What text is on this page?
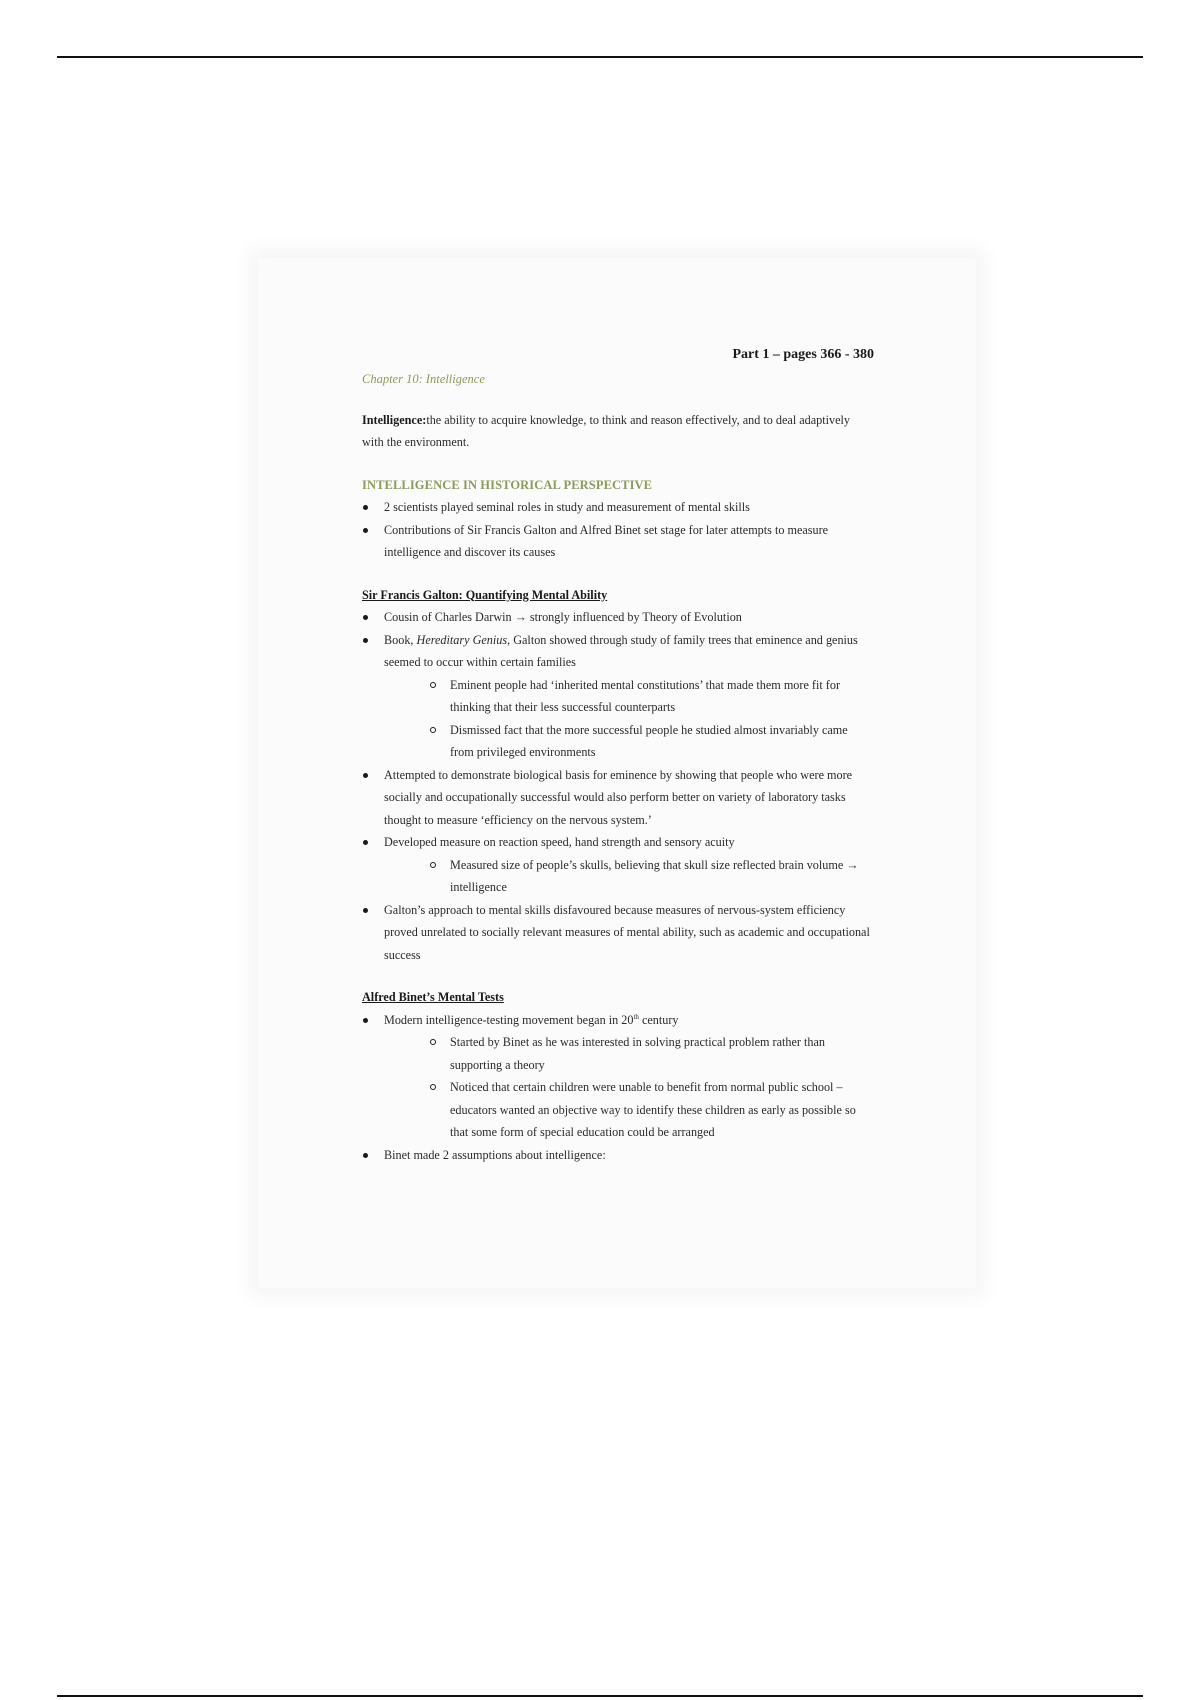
Part 1 – pages 366 - 380

Chapter 10: Intelligence

Intelligence:the ability to acquire knowledge, to think and reason effectively, and to deal adaptively with the environment.

INTELLIGENCE IN HISTORICAL PERSPECTIVE

2 scientists played seminal roles in study and measurement of mental skills
Contributions of Sir Francis Galton and Alfred Binet set stage for later attempts to measure intelligence and discover its causes

Sir Francis Galton: Quantifying Mental Ability

Cousin of Charles Darwin → strongly influenced by Theory of Evolution
Book, Hereditary Genius, Galton showed through study of family trees that eminence and genius seemed to occur within certain families
Eminent people had ‘inherited mental constitutions’ that made them more fit for thinking that their less successful counterparts
Dismissed fact that the more successful people he studied almost invariably came from privileged environments
Attempted to demonstrate biological basis for eminence by showing that people who were more socially and occupationally successful would also perform better on variety of laboratory tasks thought to measure ‘efficiency on the nervous system.’
Developed measure on reaction speed, hand strength and sensory acuity
Measured size of people’s skulls, believing that skull size reflected brain volume → intelligence
Galton’s approach to mental skills disfavoured because measures of nervous-system efficiency proved unrelated to socially relevant measures of mental ability, such as academic and occupational success

Alfred Binet’s Mental Tests

Modern intelligence-testing movement began in 20th century
Started by Binet as he was interested in solving practical problem rather than supporting a theory
Noticed that certain children were unable to benefit from normal public school – educators wanted an objective way to identify these children as early as possible so that some form of special education could be arranged
Binet made 2 assumptions about intelligence:
